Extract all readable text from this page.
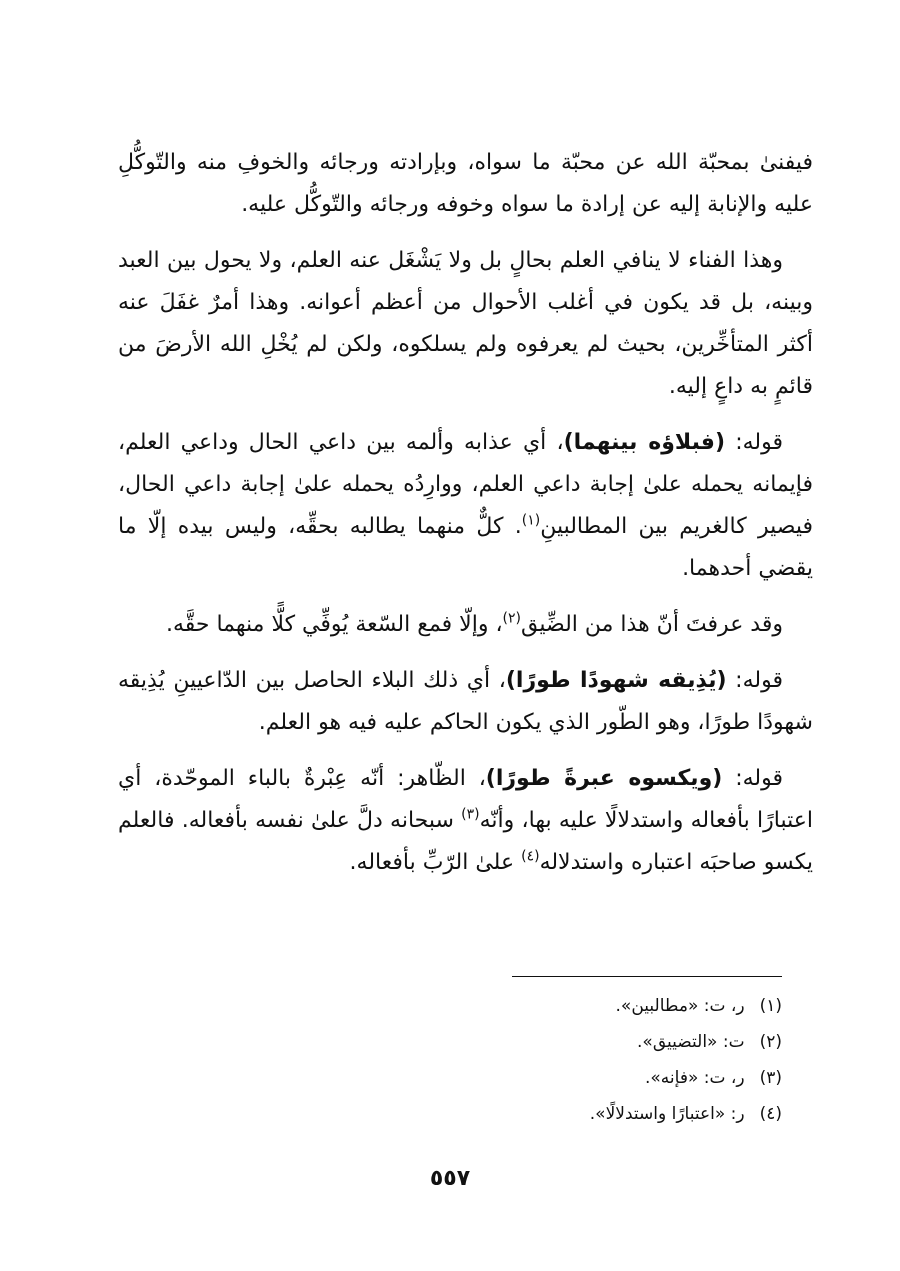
فيفنىٰ بمحبّة الله عن محبّة ما سواه، وبإرادته ورجائه والخوفِ منه والتّوكُّلِ عليه والإنابة إليه عن إرادة ما سواه وخوفه ورجائه والتّوكُّل عليه.

وهذا الفناء لا ينافي العلم بحالٍ بل ولا يَشْغَل عنه العلم، ولا يحول بين العبد وبينه، بل قد يكون في أغلب الأحوال من أعظم أعوانه. وهذا أمرٌ غفَلَ عنه أكثر المتأخِّرين، بحيث لم يعرفوه ولم يسلكوه، ولكن لم يُخْلِ الله الأرضَ من قائمٍ به داعٍ إليه.

قوله: (فبلاؤه بينهما)، أي عذابه وألمه بين داعي الحال وداعي العلم، فإيمانه يحمله علىٰ إجابة داعي العلم، ووارِدُه يحمله علىٰ إجابة داعي الحال، فيصير كالغريم بين المطالبينِ$^{(١)}$. كلٌّ منهما يطالبه بحقِّه، وليس بيده إلّا ما يقضي أحدهما.

وقد عرفتَ أنّ هذا من الضِّيق$^{(٢)}$، وإلّا فمع السّعة يُوفِّي كلًّا منهما حقَّه.

قوله: (يُذِيقه شهودًا طورًا)، أي ذلك البلاء الحاصل بين الدّاعيينِ يُذِيقه شهودًا طورًا، وهو الطّور الذي يكون الحاكم عليه فيه هو العلم.

قوله: (ويكسوه عبرةً طورًا)، الظّاهر: أنّه عِبْرةٌ بالباء الموحّدة، أي اعتبارًا بأفعاله واستدلالًا عليه بها، وأنّه$^{(٣)}$ سبحانه دلَّ علىٰ نفسه بأفعاله. فالعلم يكسو صاحبَه اعتباره واستدلاله$^{(٤)}$ علىٰ الرّبِّ بأفعاله.

(١) ر، ت: «مطالبين».
(٢) ت: «التضييق».
(٣) ر، ت: «فإنه».
(٤) ر: «اعتبارًا واستدلالًا».
٥٥٧
